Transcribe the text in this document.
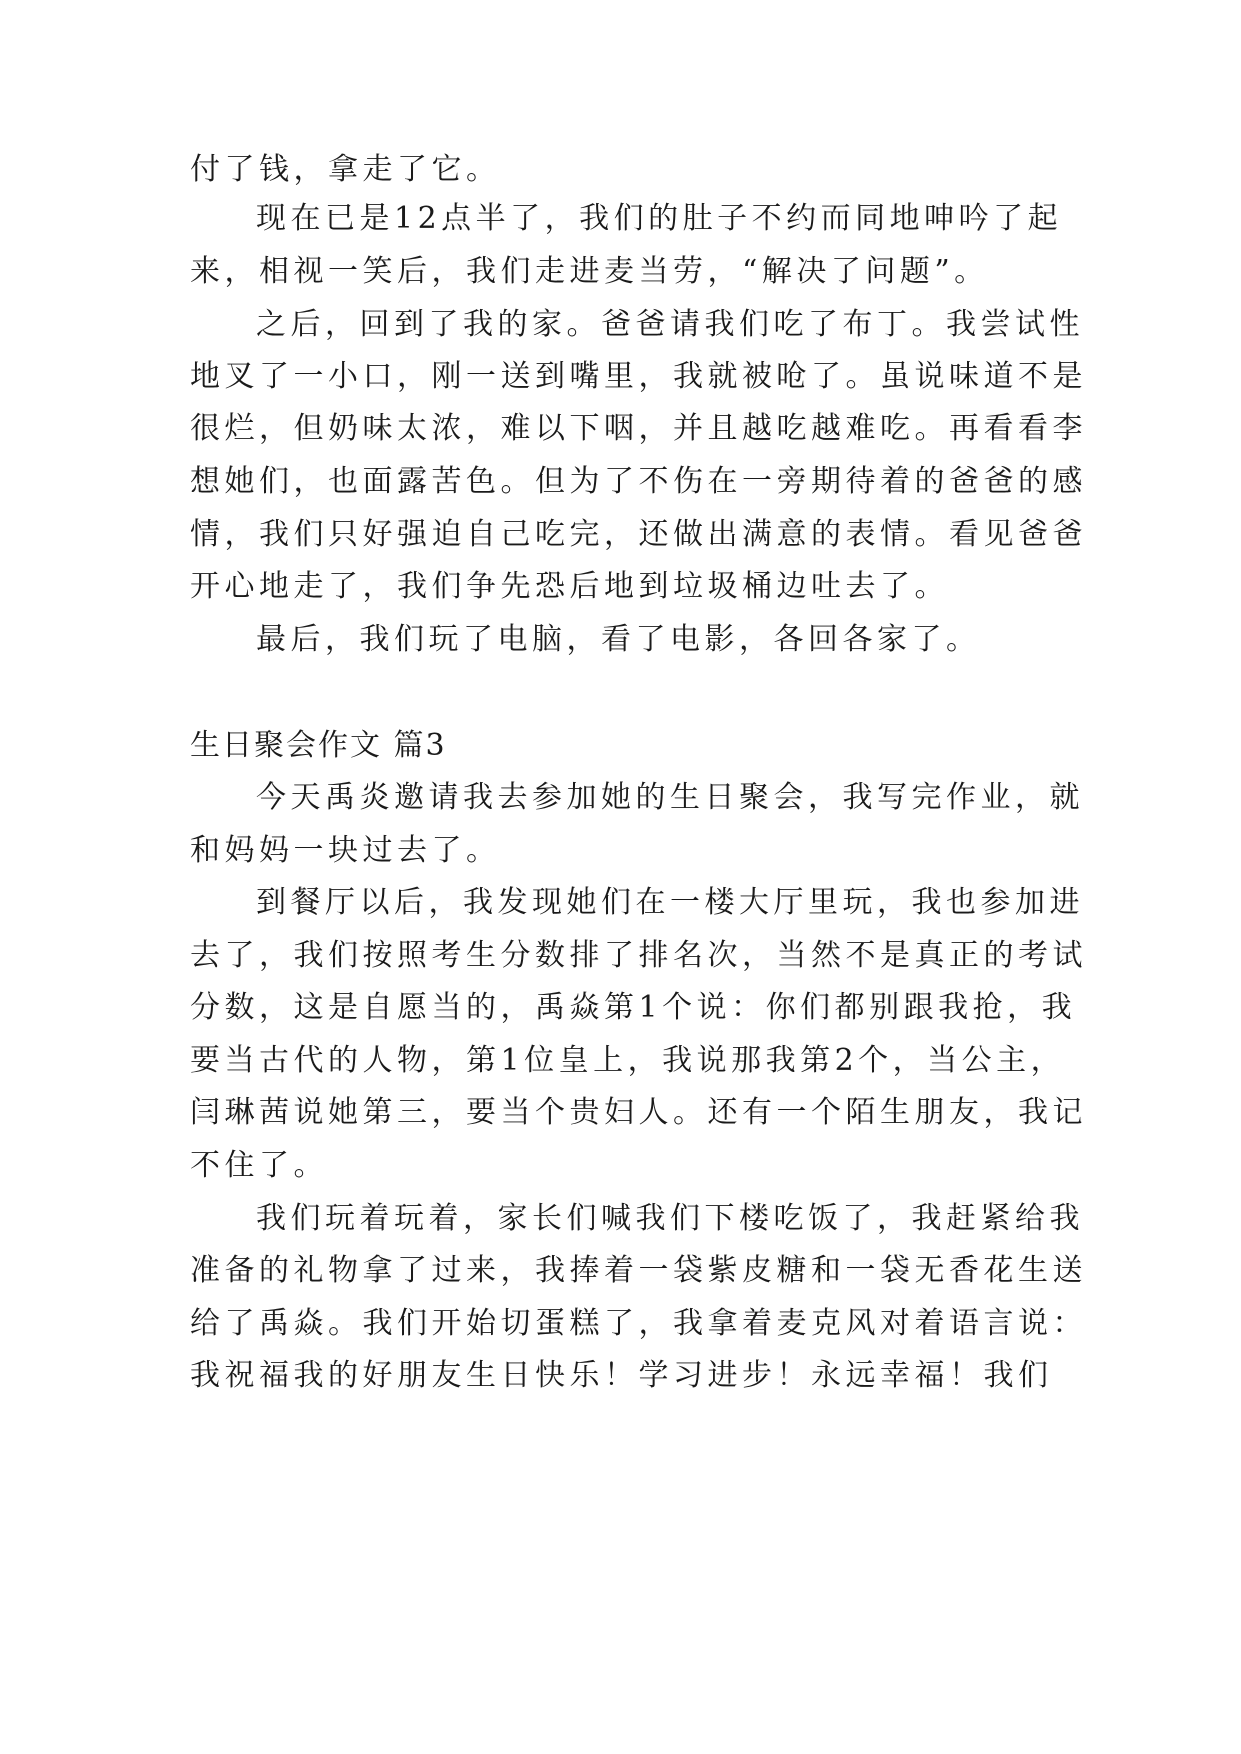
付了钱，拿走了它。
现在已是12点半了，我们的肚子不约而同地呻吟了起
来，相视一笑后，我们走进麦当劳，“解决了问题”。
之后，回到了我的家。爸爸请我们吃了布丁。我尝试性
地叉了一小口，刚一送到嘴里，我就被呛了。虽说味道不是
很烂，但奶味太浓，难以下咽，并且越吃越难吃。再看看李
想她们，也面露苦色。但为了不伤在一旁期待着的爸爸的感
情，我们只好强迫自己吃完，还做出满意的表情。看见爸爸
开心地走了，我们争先恐后地到垃圾桶边吐去了。
最后，我们玩了电脑，看了电影，各回各家了。
生日聚会作文 篇3
今天禹炎邀请我去参加她的生日聚会，我写完作业，就
和妈妈一块过去了。
到餐厅以后，我发现她们在一楼大厅里玩，我也参加进
去了，我们按照考生分数排了排名次，当然不是真正的考试
分数，这是自愿当的，禹焱第1个说：你们都别跟我抢，我
要当古代的人物，第1位皇上，我说那我第2个，当公主，
闫琳茜说她第三，要当个贵妇人。还有一个陌生朋友，我记
不住了。
我们玩着玩着，家长们喊我们下楼吃饭了，我赶紧给我
准备的礼物拿了过来，我捧着一袋紫皮糖和一袋无香花生送
给了禹焱。我们开始切蛋糕了，我拿着麦克风对着语言说：
我祝福我的好朋友生日快乐！学习进步！永远幸福！我们
